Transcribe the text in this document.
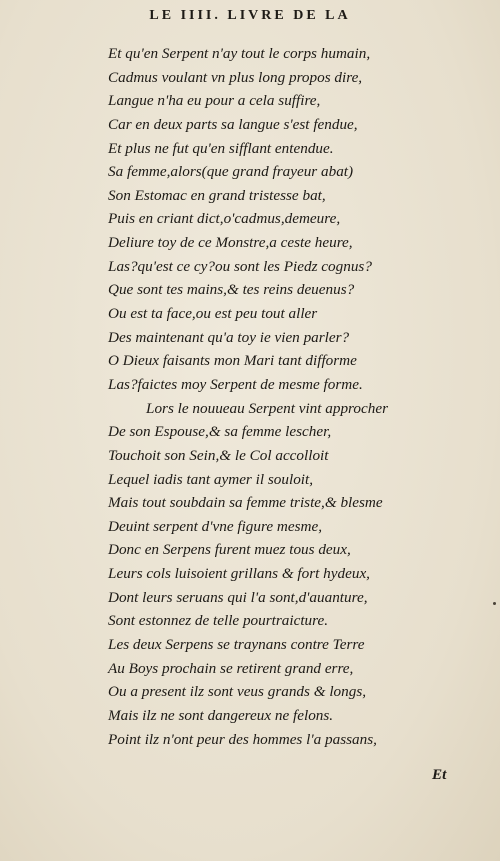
LE IIII. LIVRE DE LA
Et qu'en Serpent n'ay tout le corps humain,
Cadmus voulant vn plus long propos dire,
Langue n'ha eu pour a cela suffire,
Car en deux parts sa langue s'est fendue,
Et plus ne fut qu'en sifflant entendue.
Sa femme,alors(que grand frayeur abat)
Son Estomac en grand tristesse bat,
Puis en criant dict,o'cadmus,demeure,
Deliure toy de ce Monstre,a ceste heure,
Las?qu'est ce cy?ou sont les Piedz cognus?
Que sont tes mains,& tes reins deuenus?
Ou est ta face,ou est peu tout aller
Des maintenant qu'a toy ie vien parler?
O Dieux faisants mon Mari tant difforme
Las?faictes moy Serpent de mesme forme.
Lors le nouueau Serpent vint approcher
De son Espouse,& sa femme lescher,
Touchoit son Sein,& le Col accolloit
Lequel iadis tant aymer il souloit,
Mais tout soubdain sa femme triste,& blesme
Deuint serpent d'vne figure mesme,
Donc en Serpens furent muez tous deux,
Leurs cols luisoient grillans & fort hydeux,
Dont leurs seruans qui l'a sont,d'auanture,
Sont estonnez de telle pourtraicture.
Les deux Serpens se traynans contre Terre
Au Boys prochain se retirent grand erre,
Ou a present ilz sont veus grands & longs,
Mais ilz ne sont dangereux ne felons.
Point ilz n'ont peur des hommes l'a passans,
Et
